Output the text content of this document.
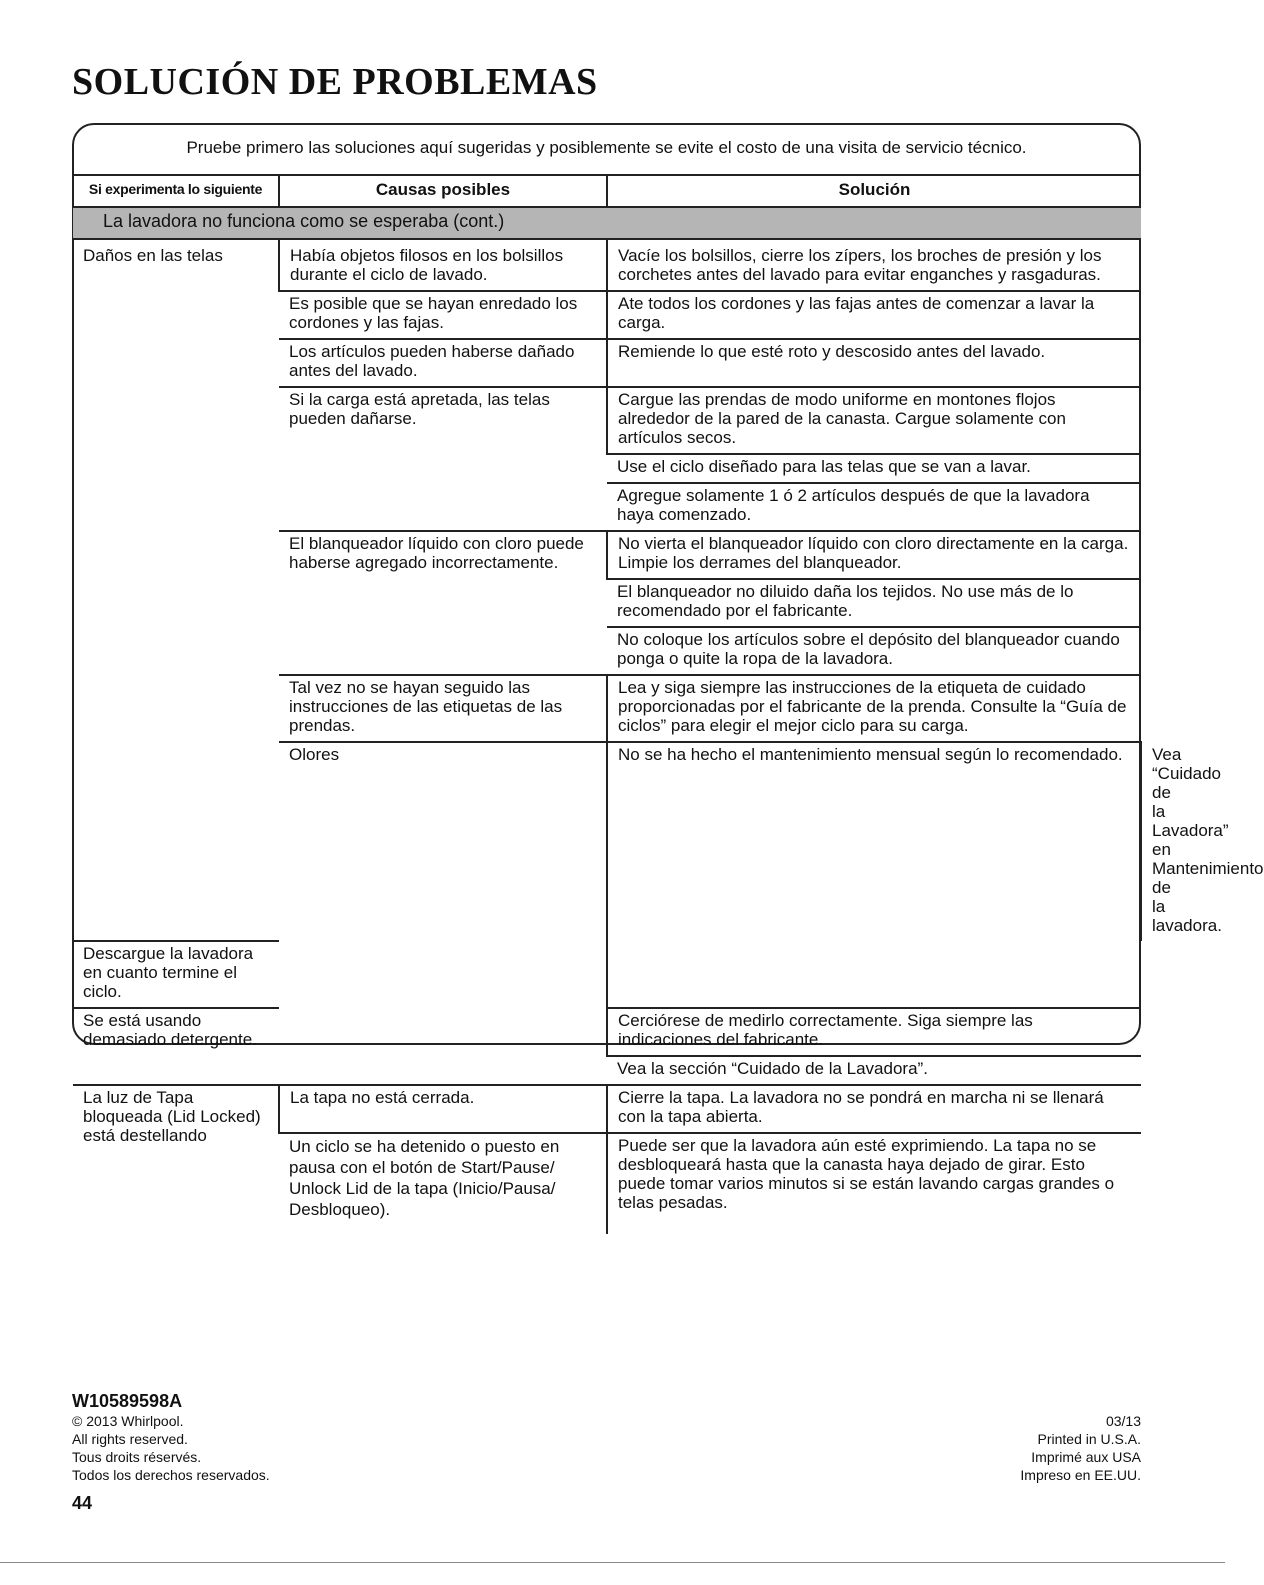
SOLUCIÓN DE PROBLEMAS
Pruebe primero las soluciones aquí sugeridas y posiblemente se evite el costo de una visita de servicio técnico.
Si experimenta lo siguiente	Causas posibles	Solución	
La lavadora no funciona como se esperaba (cont.)			
Daños en las telas	Había objetos filosos en los bolsillos durante el ciclo de lavado.	Vacíe los bolsillos, cierre los zípers, los broches de presión y los corchetes antes del lavado para evitar enganches y rasgaduras.	
	Es posible que se hayan enredado los cordones y las fajas.	Ate todos los cordones y las fajas antes de comenzar a lavar la carga.	
	Los artículos pueden haberse dañado antes del lavado.	Remiende lo que esté roto y descosido antes del lavado.	
	Si la carga está apretada, las telas pueden dañarse.	Cargue las prendas de modo uniforme en montones flojos alrededor de la pared de la canasta. Cargue solamente con artículos secos.	
		Use el ciclo diseñado para las telas que se van a lavar.	
		Agregue solamente 1 ó 2 artículos después de que la lavadora haya comenzado.	
	El blanqueador líquido con cloro puede haberse agregado incorrectamente.	No vierta el blanqueador líquido con cloro directamente en la carga. Limpie los derrames del blanqueador.	
		El blanqueador no diluido daña los tejidos. No use más de lo recomendado por el fabricante.	
		No coloque los artículos sobre el depósito del blanqueador cuando ponga o quite la ropa de la lavadora.	
	Tal vez no se hayan seguido las instrucciones de las etiquetas de las prendas.	Lea y siga siempre las instrucciones de la etiqueta de cuidado proporcionadas por el fabricante de la prenda. Consulte la “Guía de ciclos” para elegir el mejor ciclo para su carga.	
	Olores	No se ha hecho el mantenimiento mensual según lo recomendado.	Vea “Cuidado de la Lavadora” en Mantenimiento de la lavadora.
Descargue la lavadora en cuanto termine el ciclo.			
Se está usando demasiado detergente.		Cerciórese de medirlo correctamente. Siga siempre las indicaciones del fabricante.	
		Vea la sección “Cuidado de la Lavadora”.	
La luz de Tapa bloqueada (Lid Locked) está destellando	La tapa no está cerrada.	Cierre la tapa. La lavadora no se pondrá en marcha ni se llenará con la tapa abierta.	
	Un ciclo se ha detenido o puesto en pausa con el botón de Start/Pause/ Unlock Lid de la tapa (Inicio/Pausa/ Desbloqueo).	Puede ser que la lavadora aún esté exprimiendo. La tapa no se desbloqueará hasta que la canasta haya dejado de girar. Esto puede tomar varios minutos si se están lavando cargas grandes o telas pesadas.	
W10589598A
© 2013 Whirlpool.
All rights reserved.
Tous droits réservés.
Todos los derechos reservados.
44
03/13
Printed in U.S.A.
Imprimé aux USA
Impreso en EE.UU.
